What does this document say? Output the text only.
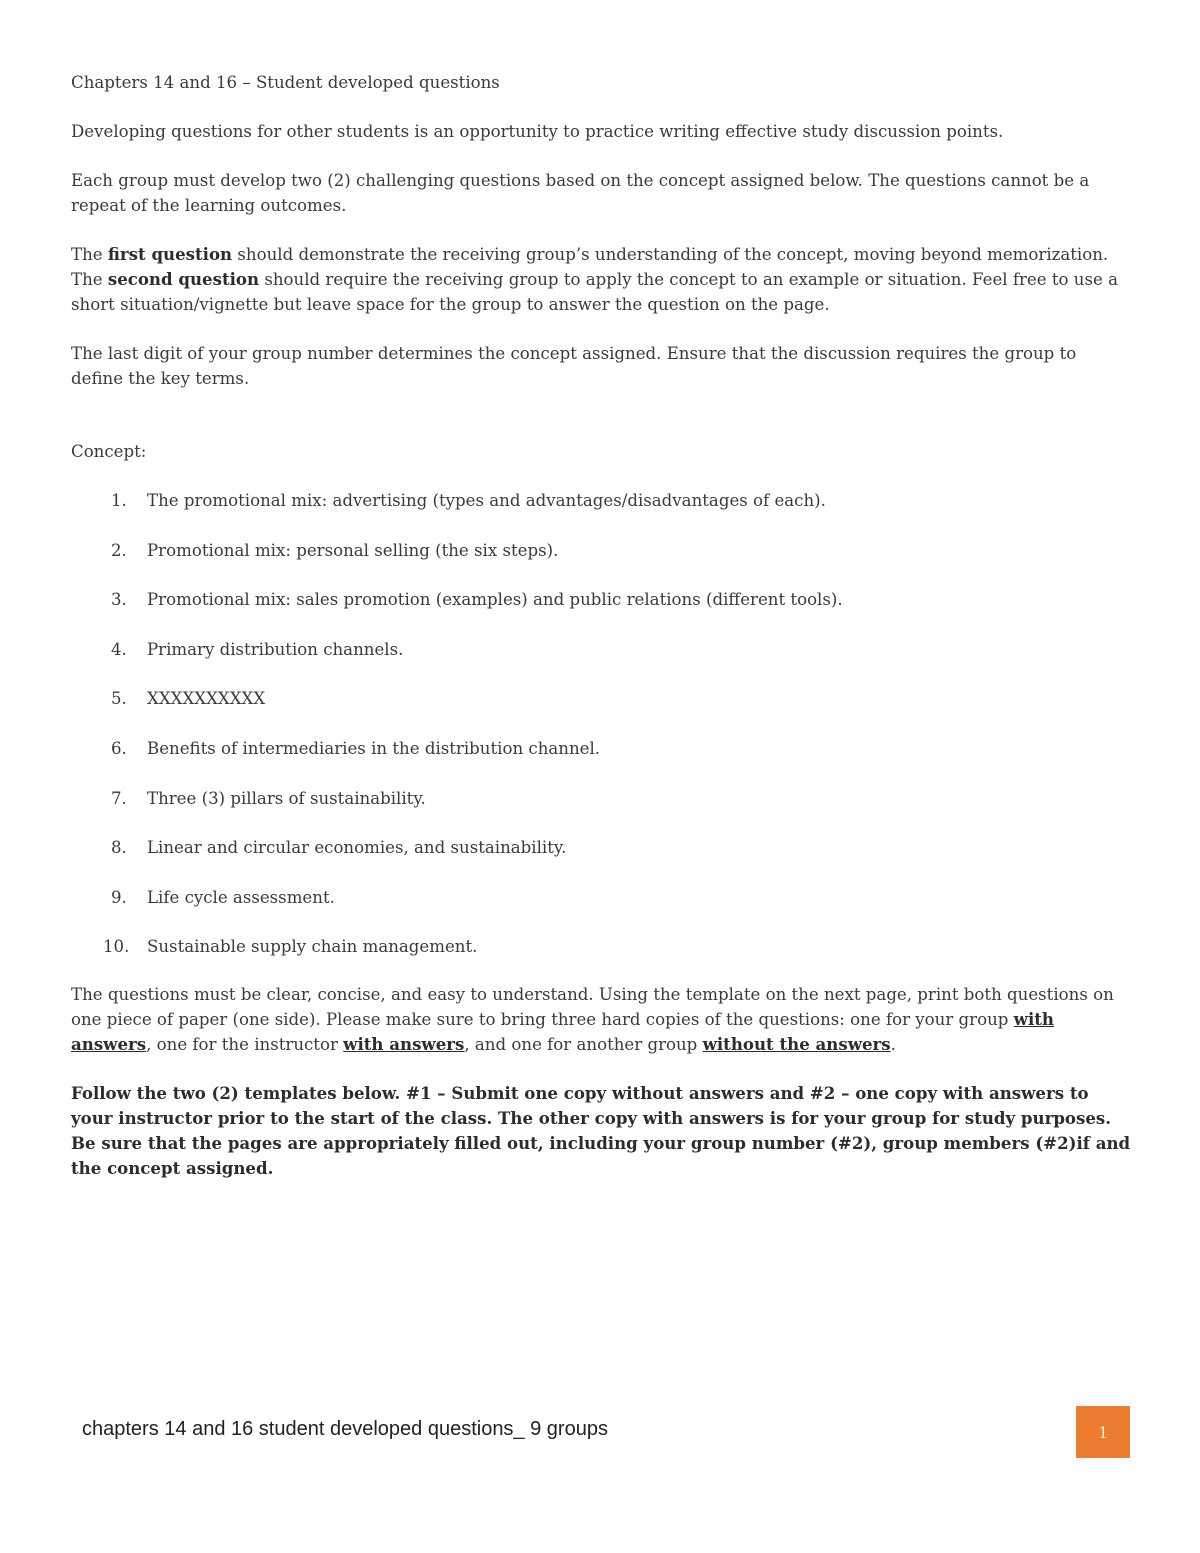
Chapters 14 and 16 – Student developed questions

Developing questions for other students is an opportunity to practice writing effective study discussion points.

Each group must develop two (2) challenging questions based on the concept assigned below. The questions cannot be a repeat of the learning outcomes.

The first question should demonstrate the receiving group’s understanding of the concept, moving beyond memorization. The second question should require the receiving group to apply the concept to an example or situation. Feel free to use a short situation/vignette but leave space for the group to answer the question on the page.

The last digit of your group number determines the concept assigned. Ensure that the discussion requires the group to define the key terms.

Concept:

1.	The promotional mix: advertising (types and advantages/disadvantages of each).
2.	Promotional mix: personal selling (the six steps).
3.	Promotional mix: sales promotion (examples) and public relations (different tools).
4.	Primary distribution channels.
5.	XXXXXXXXXX
6.	Benefits of intermediaries in the distribution channel.
7.	Three (3) pillars of sustainability.
8.	Linear and circular economies, and sustainability.
9.	Life cycle assessment.
10. Sustainable supply chain management.

The questions must be clear, concise, and easy to understand. Using the template on the next page, print both questions on one piece of paper (one side). Please make sure to bring three hard copies of the questions: one for your group with answers, one for the instructor with answers, and one for another group without the answers.

Follow the two (2) templates below. #1 – Submit one copy without answers and #2 – one copy with answers to your instructor prior to the start of the class. The other copy with answers is for your group for study purposes. Be sure that the pages are appropriately filled out, including your group number (#2), group members (#2)if and the concept assigned.

chapters 14 and 16 student developed questions_ 9 groups	1
